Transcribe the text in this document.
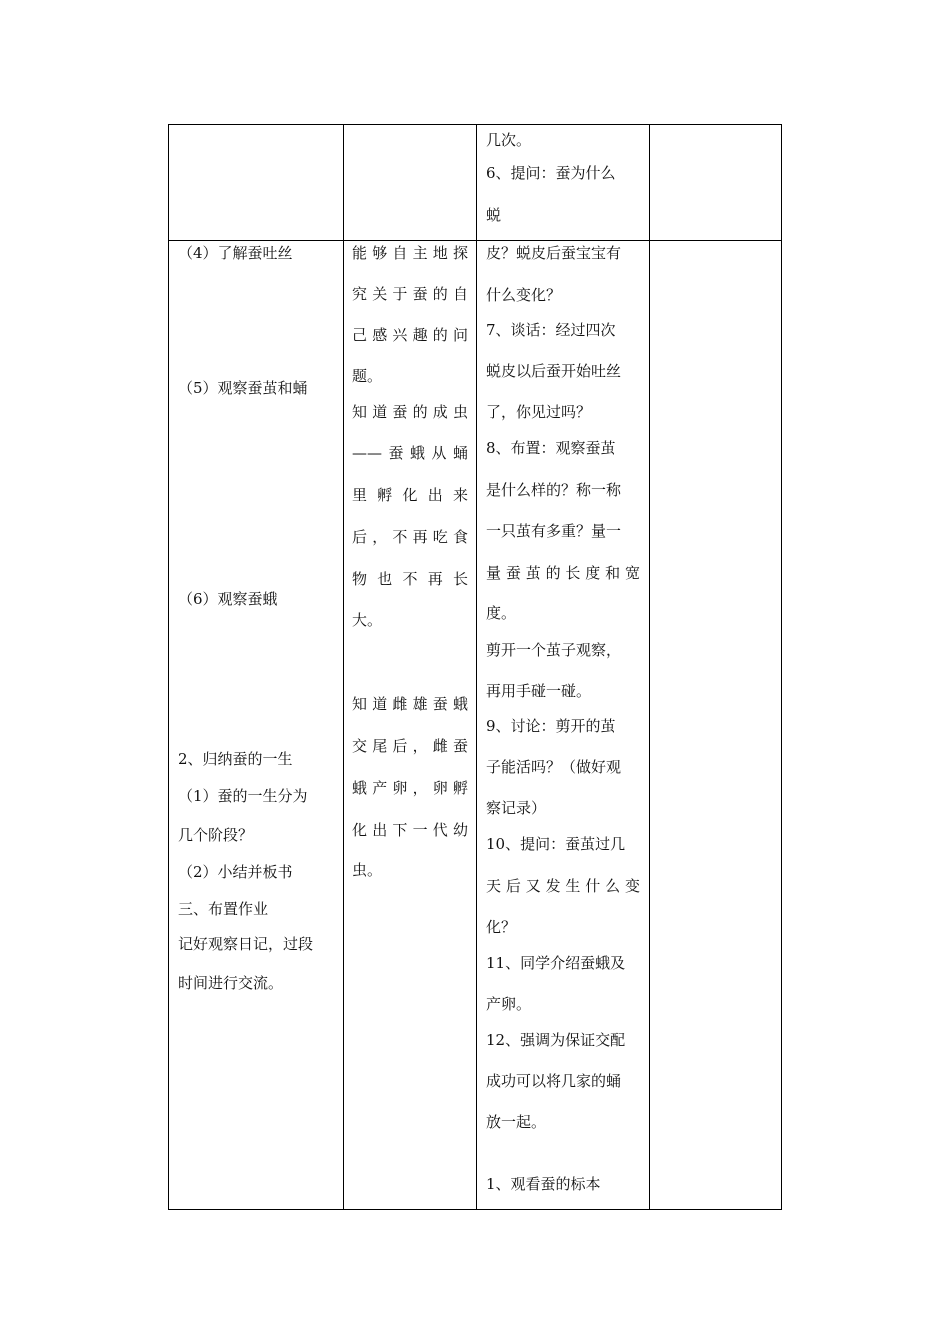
几次。
6、提问：蚕为什么
蜕
（4）了解蚕吐丝
（5）观察蚕茧和蛹
（6）观察蚕蛾
2、归纳蚕的一生
（1）蚕的一生分为
几个阶段？
（2）小结并板书
三、布置作业
记好观察日记，过段
时间进行交流。
能够自主地探
究关于蚕的自
己感兴趣的问
题。
知道蚕的成虫
——蚕蛾从蛹
里孵化出来
后，不再吃食
物也不再长
大。
知道雌雄蚕蛾
交尾后，雌蚕
蛾产卵，卵孵
化出下一代幼
虫。
皮？蜕皮后蚕宝宝有
什么变化？
7、谈话：经过四次
蜕皮以后蚕开始吐丝
了，你见过吗？
8、布置：观察蚕茧
是什么样的？称一称
一只茧有多重？量一
量蚕茧的长度和宽
度。
剪开一个茧子观察，
再用手碰一碰。
9、讨论：剪开的茧
子能活吗？（做好观
察记录）
10、提问：蚕茧过几
天后又发生什么变
化？
11、同学介绍蚕蛾及
产卵。
12、强调为保证交配
成功可以将几家的蛹
放一起。
1、观看蚕的标本
